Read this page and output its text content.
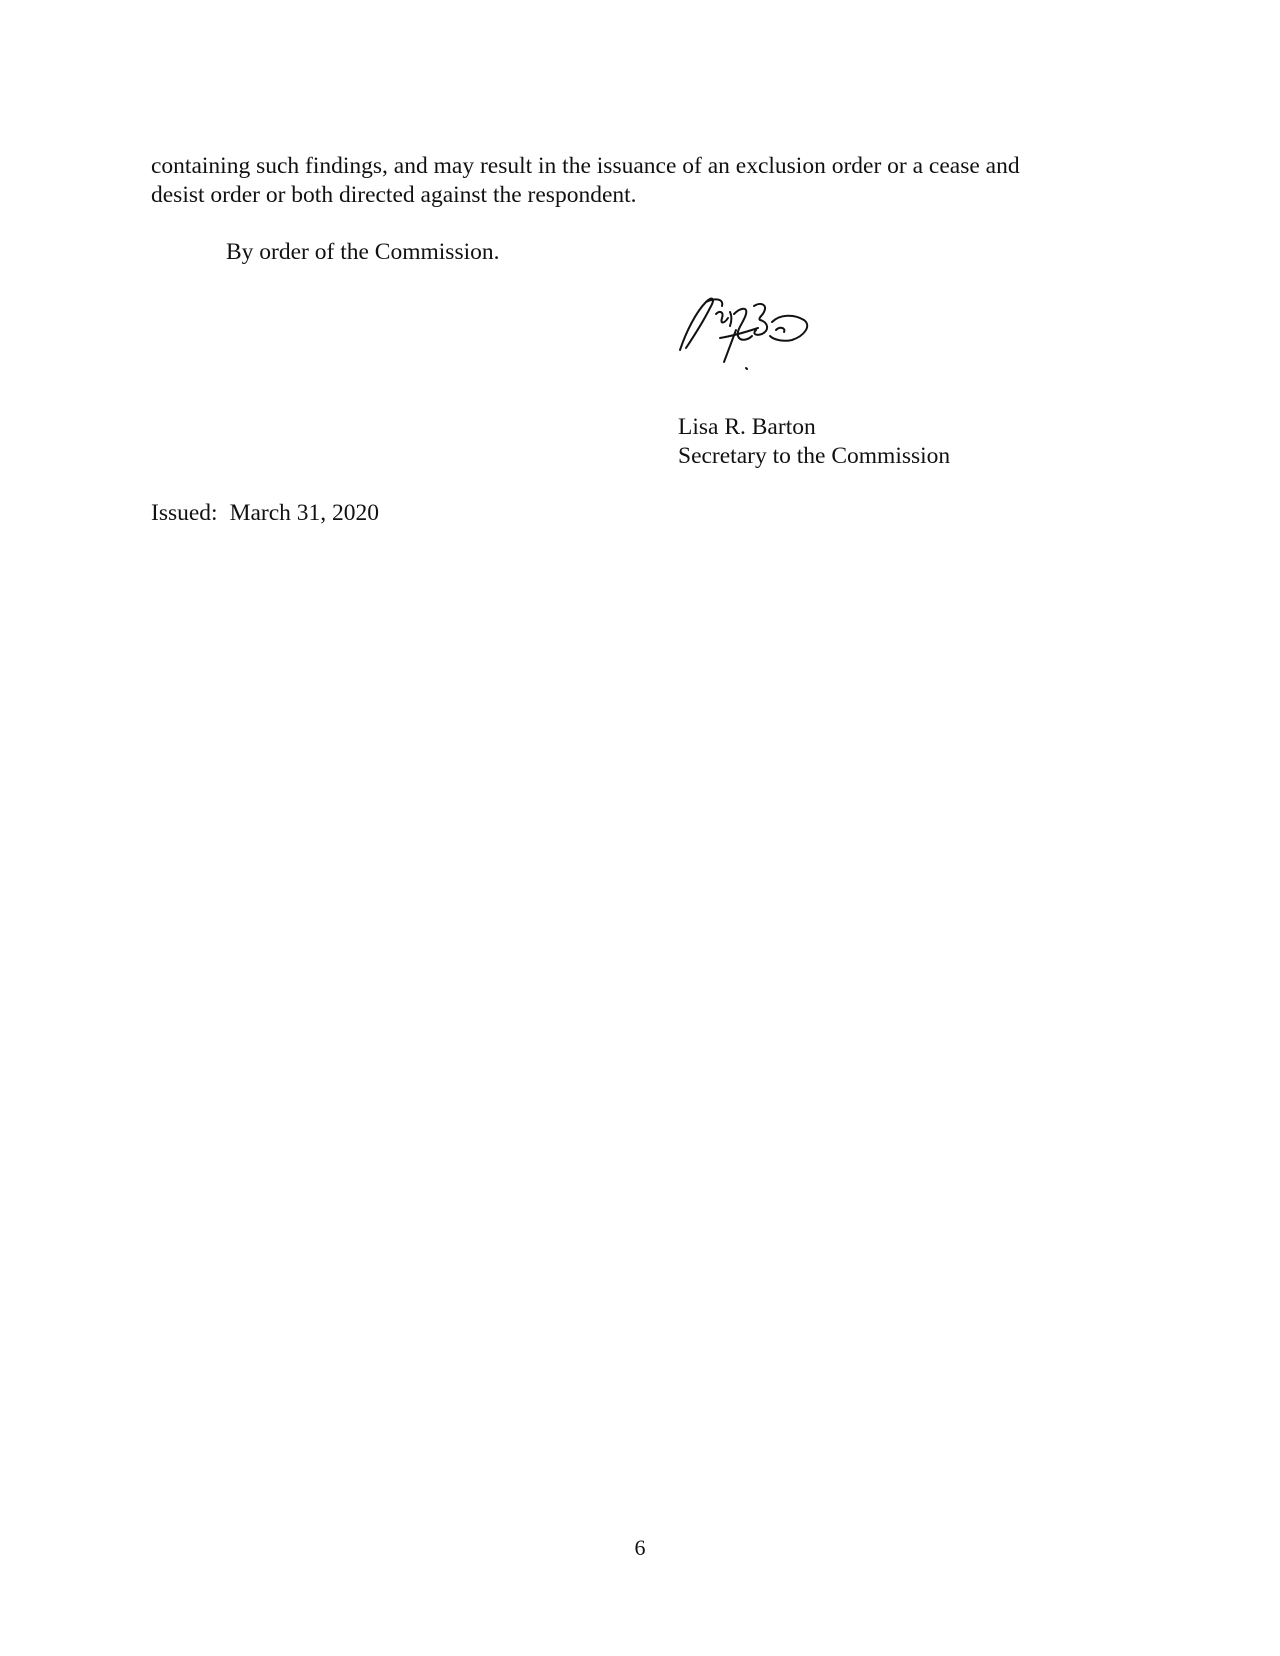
containing such findings, and may result in the issuance of an exclusion order or a cease and

desist order or both directed against the respondent.

By order of the Commission.

Lisa R. Barton

Secretary to the Commission

Issued: March 31, 2020

6
